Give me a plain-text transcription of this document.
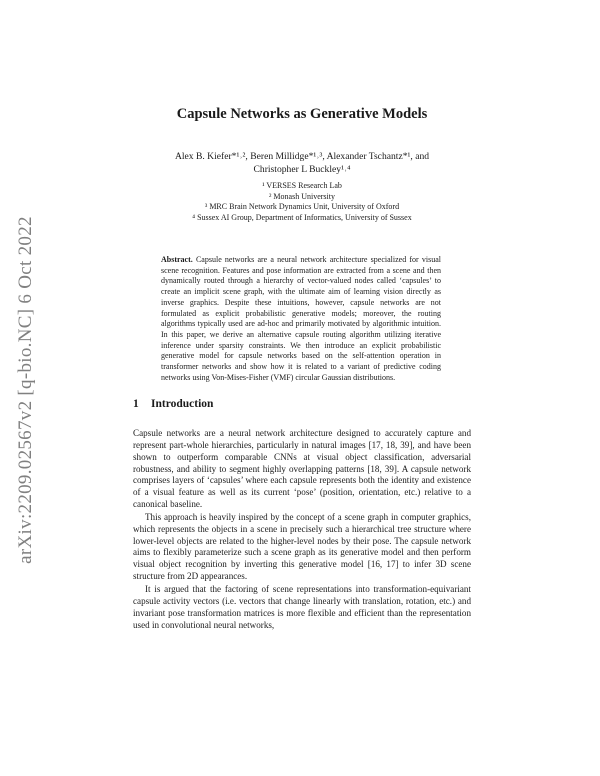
arXiv:2209.02567v2 [q-bio.NC] 6 Oct 2022
Capsule Networks as Generative Models
Alex B. Kiefer*¹˒², Beren Millidge*¹˒³, Alexander Tschantz*¹, and
Christopher L Buckley¹˒⁴
¹ VERSES Research Lab
² Monash University
³ MRC Brain Network Dynamics Unit, University of Oxford
⁴ Sussex AI Group, Department of Informatics, University of Sussex

Abstract. Capsule networks are a neural network architecture specialized for visual scene recognition. Features and pose information are extracted from a scene and then dynamically routed through a hierarchy of vector-valued nodes called ‘capsules’ to create an implicit scene graph, with the ultimate aim of learning vision directly as inverse graphics. Despite these intuitions, however, capsule networks are not formulated as explicit probabilistic generative models; moreover, the routing algorithms typically used are ad-hoc and primarily motivated by algorithmic intuition. In this paper, we derive an alternative capsule routing algorithm utilizing iterative inference under sparsity constraints. We then introduce an explicit probabilistic generative model for capsule networks based on the self-attention operation in transformer networks and show how it is related to a variant of predictive coding networks using Von-Mises-Fisher (VMF) circular Gaussian distributions.

1 Introduction

Capsule networks are a neural network architecture designed to accurately capture and represent part-whole hierarchies, particularly in natural images [17, 18, 39], and have been shown to outperform comparable CNNs at visual object classification, adversarial robustness, and ability to segment highly overlapping patterns [18, 39]. A capsule network comprises layers of ‘capsules’ where each capsule represents both the identity and existence of a visual feature as well as its current ‘pose’ (position, orientation, etc.) relative to a canonical baseline.

This approach is heavily inspired by the concept of a scene graph in computer graphics, which represents the objects in a scene in precisely such a hierarchical tree structure where lower-level objects are related to the higher-level nodes by their pose. The capsule network aims to flexibly parameterize such a scene graph as its generative model and then perform visual object recognition by inverting this generative model [16, 17] to infer 3D scene structure from 2D appearances.

It is argued that the factoring of scene representations into transformation-equivariant capsule activity vectors (i.e. vectors that change linearly with translation, rotation, etc.) and invariant pose transformation matrices is more flexible and efficient than the representation used in convolutional neural networks,
